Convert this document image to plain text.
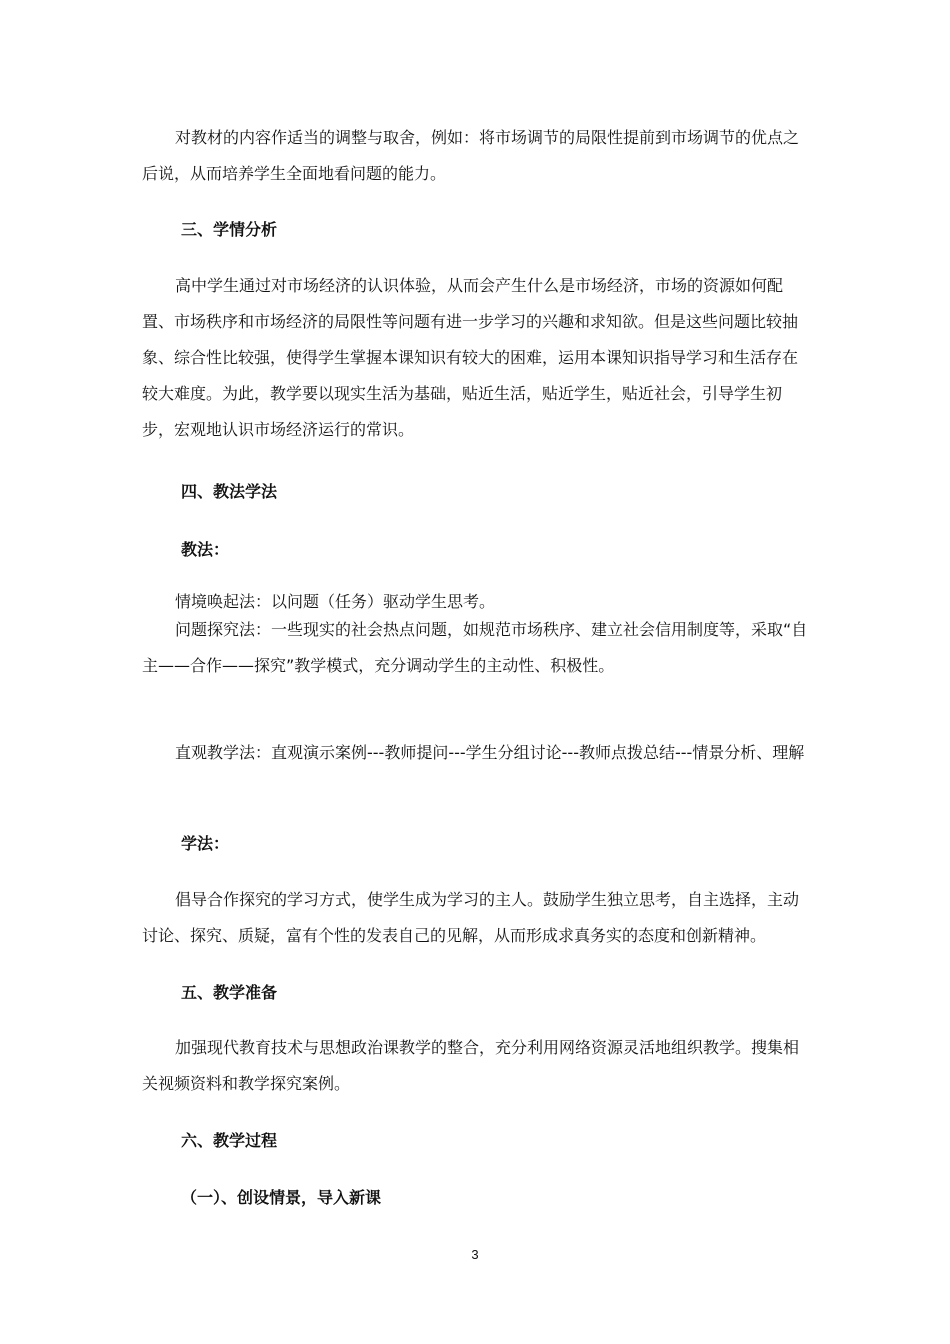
对教材的内容作适当的调整与取舍，例如：将市场调节的局限性提前到市场调节的优点之后说，从而培养学生全面地看问题的能力。

三、学情分析

高中学生通过对市场经济的认识体验，从而会产生什么是市场经济，市场的资源如何配置、市场秩序和市场经济的局限性等问题有进一步学习的兴趣和求知欲。但是这些问题比较抽象、综合性比较强，使得学生掌握本课知识有较大的困难，运用本课知识指导学习和生活存在较大难度。为此，教学要以现实生活为基础，贴近生活，贴近学生，贴近社会，引导学生初步，宏观地认识市场经济运行的常识。

四、教法学法
教法：

情境唤起法：以问题（任务）驱动学生思考。

问题探究法：一些现实的社会热点问题，如规范市场秩序、建立社会信用制度等，采取“自主——合作——探究”教学模式，充分调动学生的主动性、积极性。

直观教学法：直观演示案例---教师提问---学生分组讨论---教师点拨总结---情景分析、理解

学法：

倡导合作探究的学习方式，使学生成为学习的主人。鼓励学生独立思考，自主选择，主动讨论、探究、质疑，富有个性的发表自己的见解，从而形成求真务实的态度和创新精神。

五、教学准备

加强现代教育技术与思想政治课教学的整合，充分利用网络资源灵活地组织教学。搜集相关视频资料和教学探究案例。

六、教学过程
（一）、创设情景，导入新课
3
